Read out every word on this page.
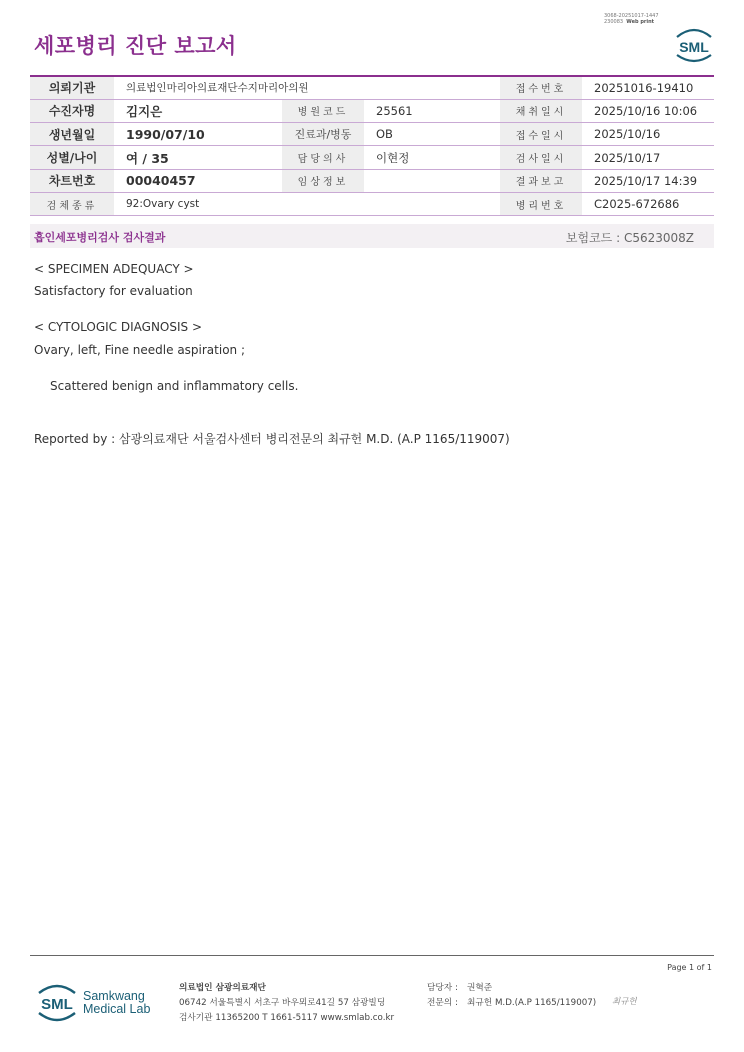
3068-20251017-1447
230083 Web print
세포병리 진단 보고서	SML
의뢰기관	의료법인마리아의료재단수지마리아의원			접수번호	20251016-19410
수진자명	김지은	병원코드	25561	채취일시	2025/10/16 10:06
생년월일	1990/07/10	진료과/병동	OB	접수일시	2025/10/16
성별/나이	여 / 35	담당의사	이현정	검사일시	2025/10/17
차트번호	00040457	임상정보		결과보고	2025/10/17 14:39
검체종류	92:Ovary cyst			병리번호	C2025-672686
흡인세포병리검사 검사결과	보험코드 : C5623008Z
< SPECIMEN ADEQUACY >
Satisfactory for evaluation
< CYTOLOGIC DIAGNOSIS >
Ovary, left, Fine needle aspiration ;
Scattered benign and inflammatory cells.
Reported by : 삼광의료재단 서울검사센터 병리전문의 최규헌 M.D. (A.P 1165/119007)
Page 1 of 1
SML Samkwang
Medical Lab
의료법인 삼광의료재단
06742 서울특별시 서초구 바우뫼로41길 57 삼광빌딩
검사기관 11365200 T 1661-5117 www.smlab.co.kr
담당자 : 권혁준
전문의 : 최규헌 M.D.(A.P 1165/119007) 최규헌
